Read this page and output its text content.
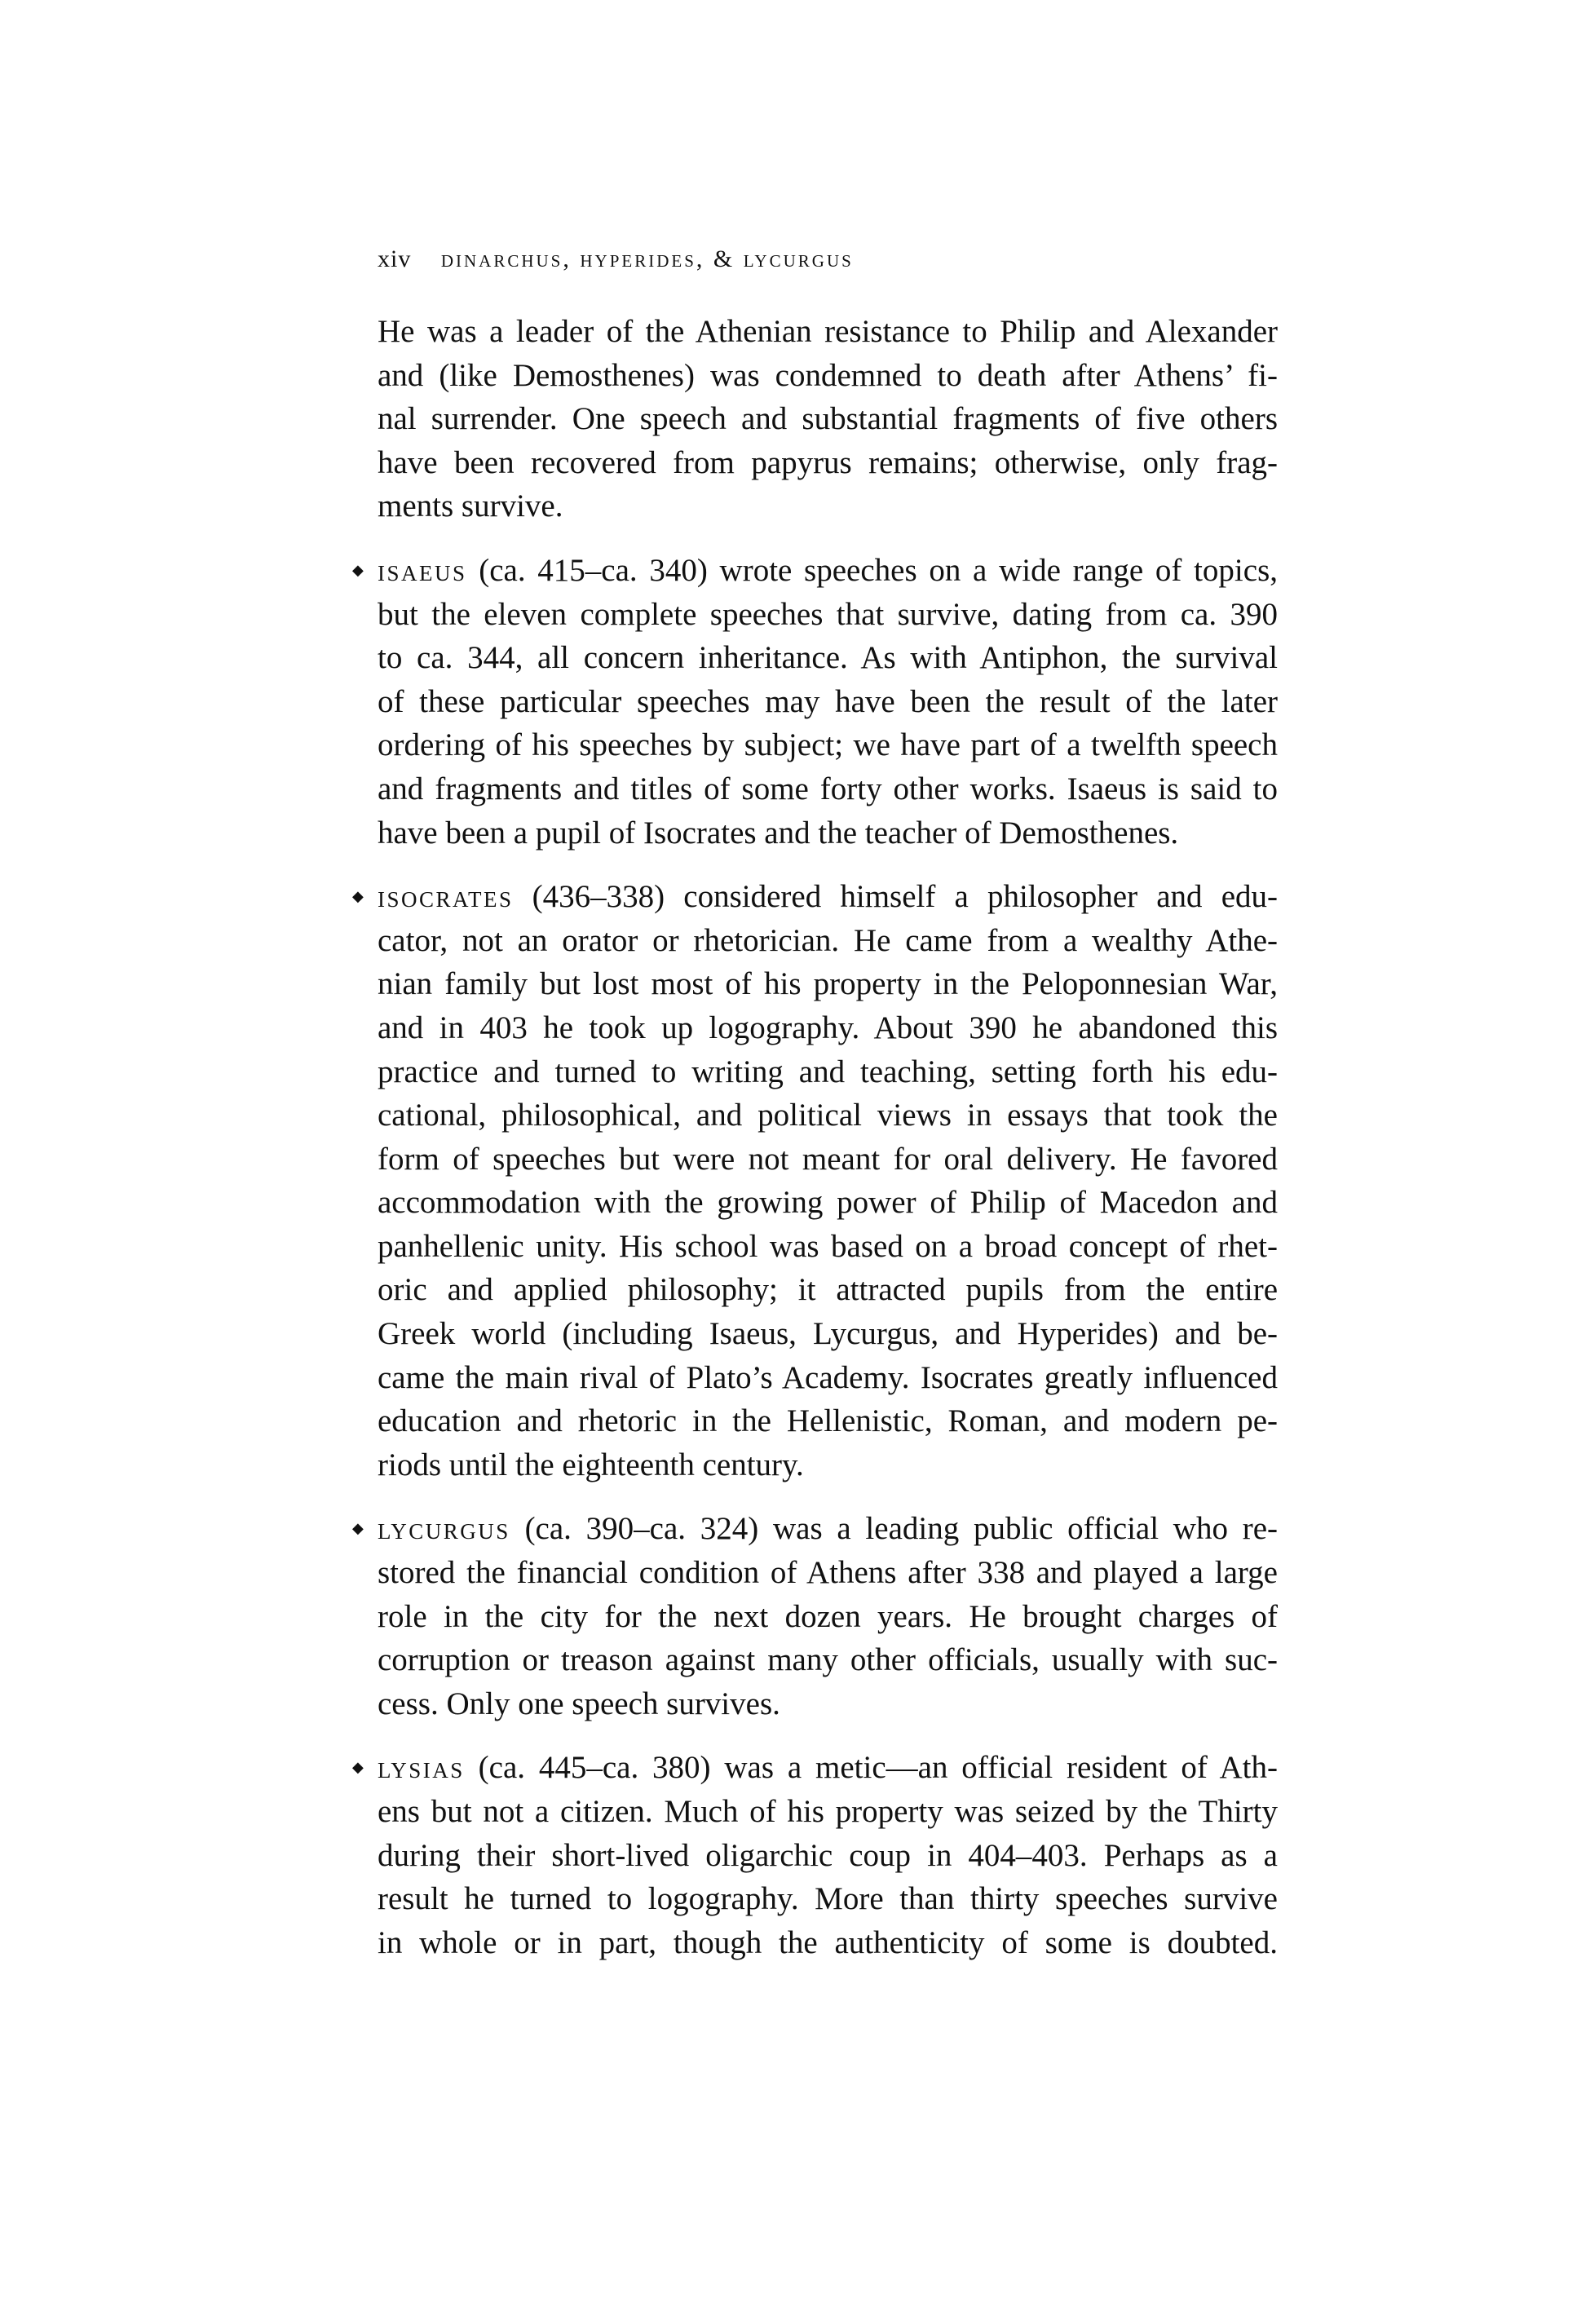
xiv dinarchus, hyperides, & lycurgus

He was a leader of the Athenian resistance to Philip and Alexander
and (like Demosthenes) was condemned to death after Athens’ fi-
nal surrender. One speech and substantial fragments of five others
have been recovered from papyrus remains; otherwise, only frag-
ments survive.

◆ isaeus (ca. 415–ca. 340) wrote speeches on a wide range of topics,
but the eleven complete speeches that survive, dating from ca. 390
to ca. 344, all concern inheritance. As with Antiphon, the survival
of these particular speeches may have been the result of the later
ordering of his speeches by subject; we have part of a twelfth speech
and fragments and titles of some forty other works. Isaeus is said to
have been a pupil of Isocrates and the teacher of Demosthenes.
◆ isocrates (436–338) considered himself a philosopher and edu-
cator, not an orator or rhetorician. He came from a wealthy Athe-
nian family but lost most of his property in the Peloponnesian War,
and in 403 he took up logography. About 390 he abandoned this
practice and turned to writing and teaching, setting forth his edu-
cational, philosophical, and political views in essays that took the
form of speeches but were not meant for oral delivery. He favored
accommodation with the growing power of Philip of Macedon and
panhellenic unity. His school was based on a broad concept of rhet-
oric and applied philosophy; it attracted pupils from the entire
Greek world (including Isaeus, Lycurgus, and Hyperides) and be-
came the main rival of Plato’s Academy. Isocrates greatly influenced
education and rhetoric in the Hellenistic, Roman, and modern pe-
riods until the eighteenth century.
◆ lycurgus (ca. 390–ca. 324) was a leading public official who re-
stored the financial condition of Athens after 338 and played a large
role in the city for the next dozen years. He brought charges of
corruption or treason against many other officials, usually with suc-
cess. Only one speech survives.
◆ lysias (ca. 445–ca. 380) was a metic—an official resident of Ath-
ens but not a citizen. Much of his property was seized by the Thirty
during their short-lived oligarchic coup in 404–403. Perhaps as a
result he turned to logography. More than thirty speeches survive
in whole or in part, though the authenticity of some is doubted.
